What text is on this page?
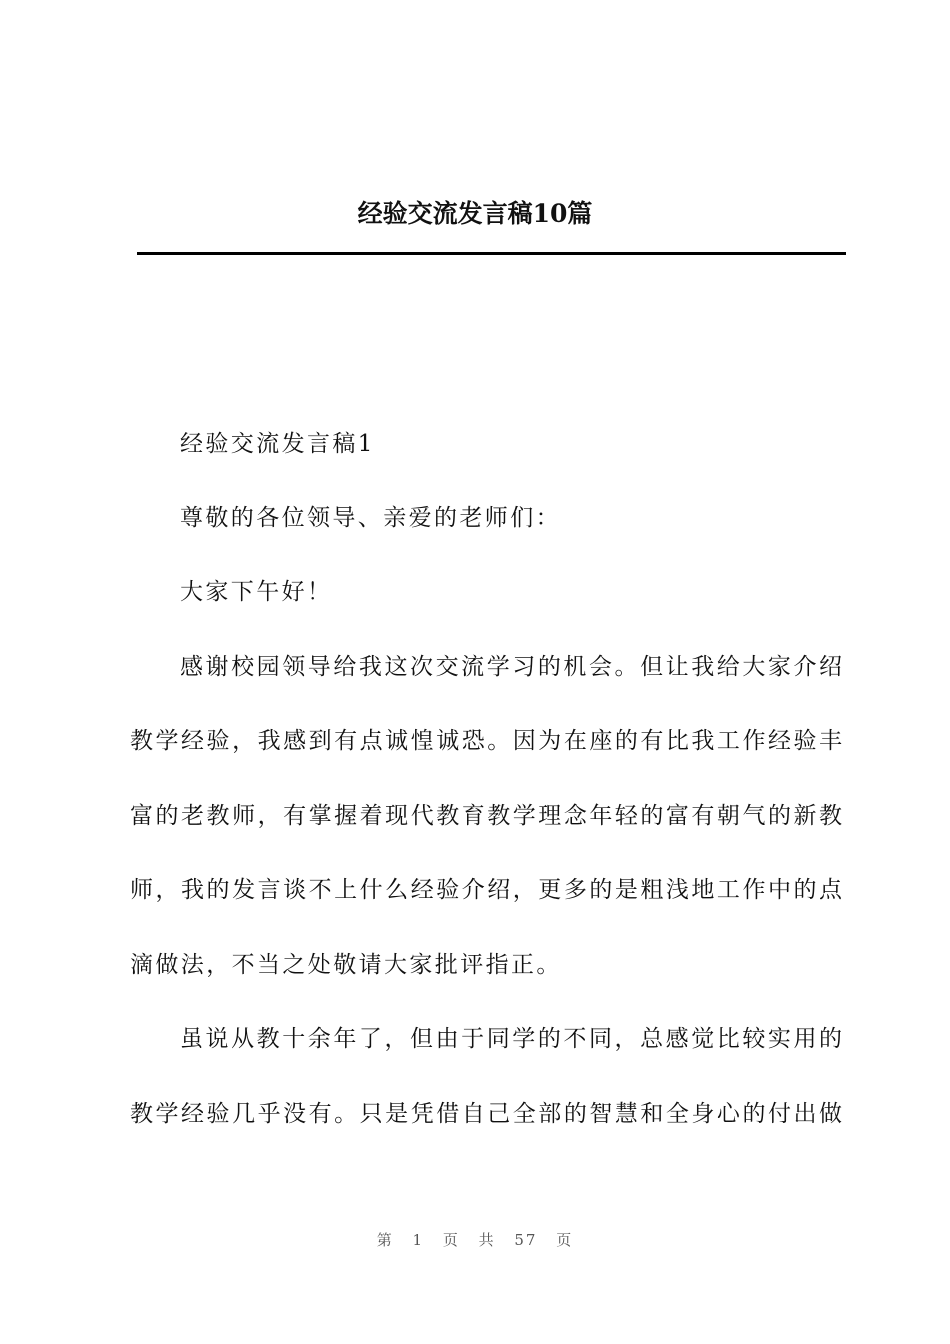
经验交流发言稿10篇

经验交流发言稿1

尊敬的各位领导、亲爱的老师们：

大家下午好！

感谢校园领导给我这次交流学习的机会。但让我给大家介绍

教学经验，我感到有点诚惶诚恐。因为在座的有比我工作经验丰

富的老教师，有掌握着现代教育教学理念年轻的富有朝气的新教

师，我的发言谈不上什么经验介绍，更多的是粗浅地工作中的点

滴做法，不当之处敬请大家批评指正。

虽说从教十余年了，但由于同学的不同，总感觉比较实用的

教学经验几乎没有。只是凭借自己全部的智慧和全身心的付出做

第 1 页 共 57 页
